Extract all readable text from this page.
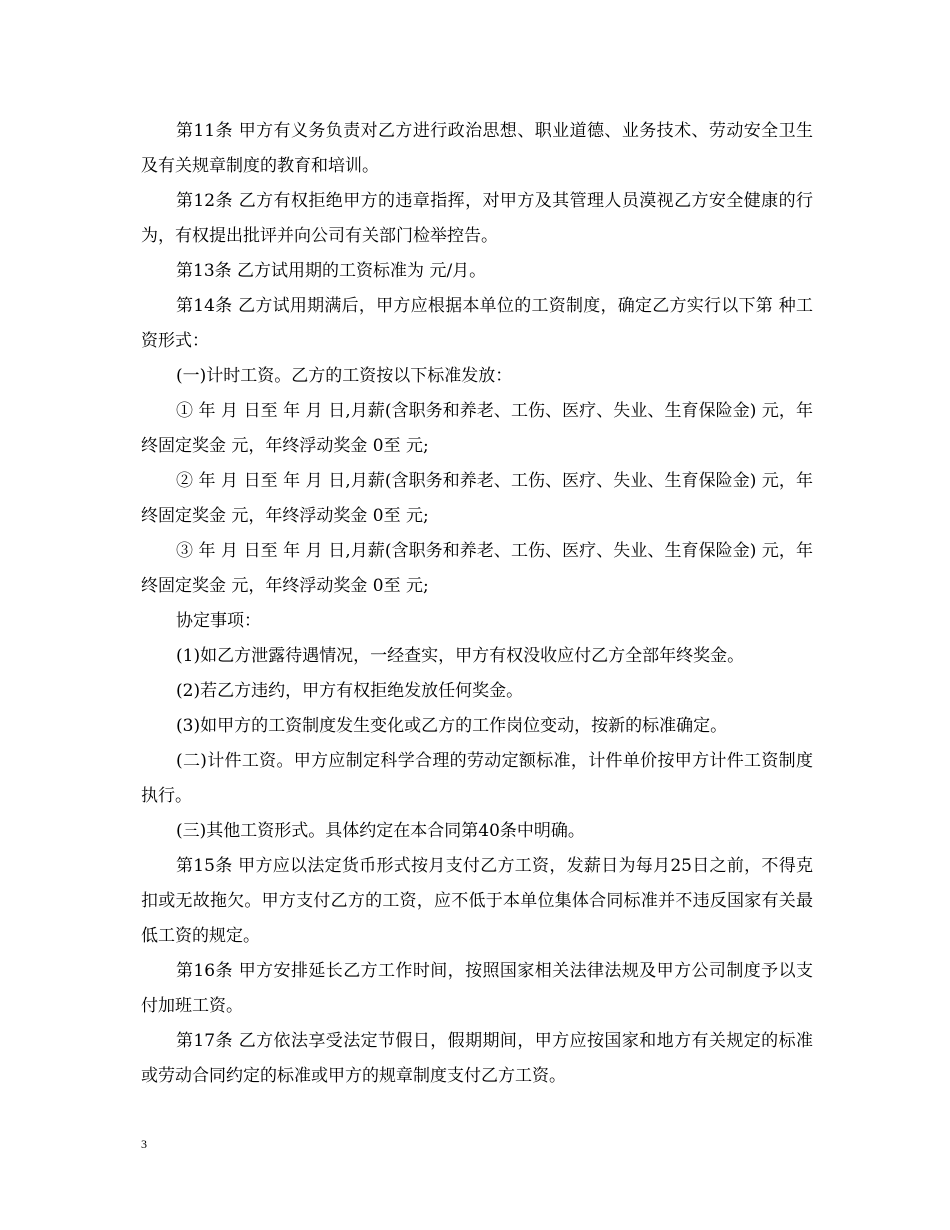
第11条 甲方有义务负责对乙方进行政治思想、职业道德、业务技术、劳动安全卫生及有关规章制度的教育和培训。

第12条 乙方有权拒绝甲方的违章指挥，对甲方及其管理人员漠视乙方安全健康的行为，有权提出批评并向公司有关部门检举控告。

第13条 乙方试用期的工资标准为 元/月。

第14条 乙方试用期满后，甲方应根据本单位的工资制度，确定乙方实行以下第 种工资形式：

(一)计时工资。乙方的工资按以下标准发放：

① 年 月 日至 年 月 日,月薪(含职务和养老、工伤、医疗、失业、生育保险金) 元，年终固定奖金 元，年终浮动奖金 0至 元;

② 年 月 日至 年 月 日,月薪(含职务和养老、工伤、医疗、失业、生育保险金) 元，年终固定奖金 元，年终浮动奖金 0至 元;

③ 年 月 日至 年 月 日,月薪(含职务和养老、工伤、医疗、失业、生育保险金) 元，年终固定奖金 元，年终浮动奖金 0至 元;

协定事项：

(1)如乙方泄露待遇情况，一经查实，甲方有权没收应付乙方全部年终奖金。

(2)若乙方违约，甲方有权拒绝发放任何奖金。

(3)如甲方的工资制度发生变化或乙方的工作岗位变动，按新的标准确定。

(二)计件工资。甲方应制定科学合理的劳动定额标准，计件单价按甲方计件工资制度执行。

(三)其他工资形式。具体约定在本合同第40条中明确。

第15条 甲方应以法定货币形式按月支付乙方工资，发薪日为每月25日之前，不得克扣或无故拖欠。甲方支付乙方的工资，应不低于本单位集体合同标准并不违反国家有关最低工资的规定。

第16条 甲方安排延长乙方工作时间，按照国家相关法律法规及甲方公司制度予以支付加班工资。

第17条 乙方依法享受法定节假日，假期期间，甲方应按国家和地方有关规定的标准或劳动合同约定的标准或甲方的规章制度支付乙方工资。

3
